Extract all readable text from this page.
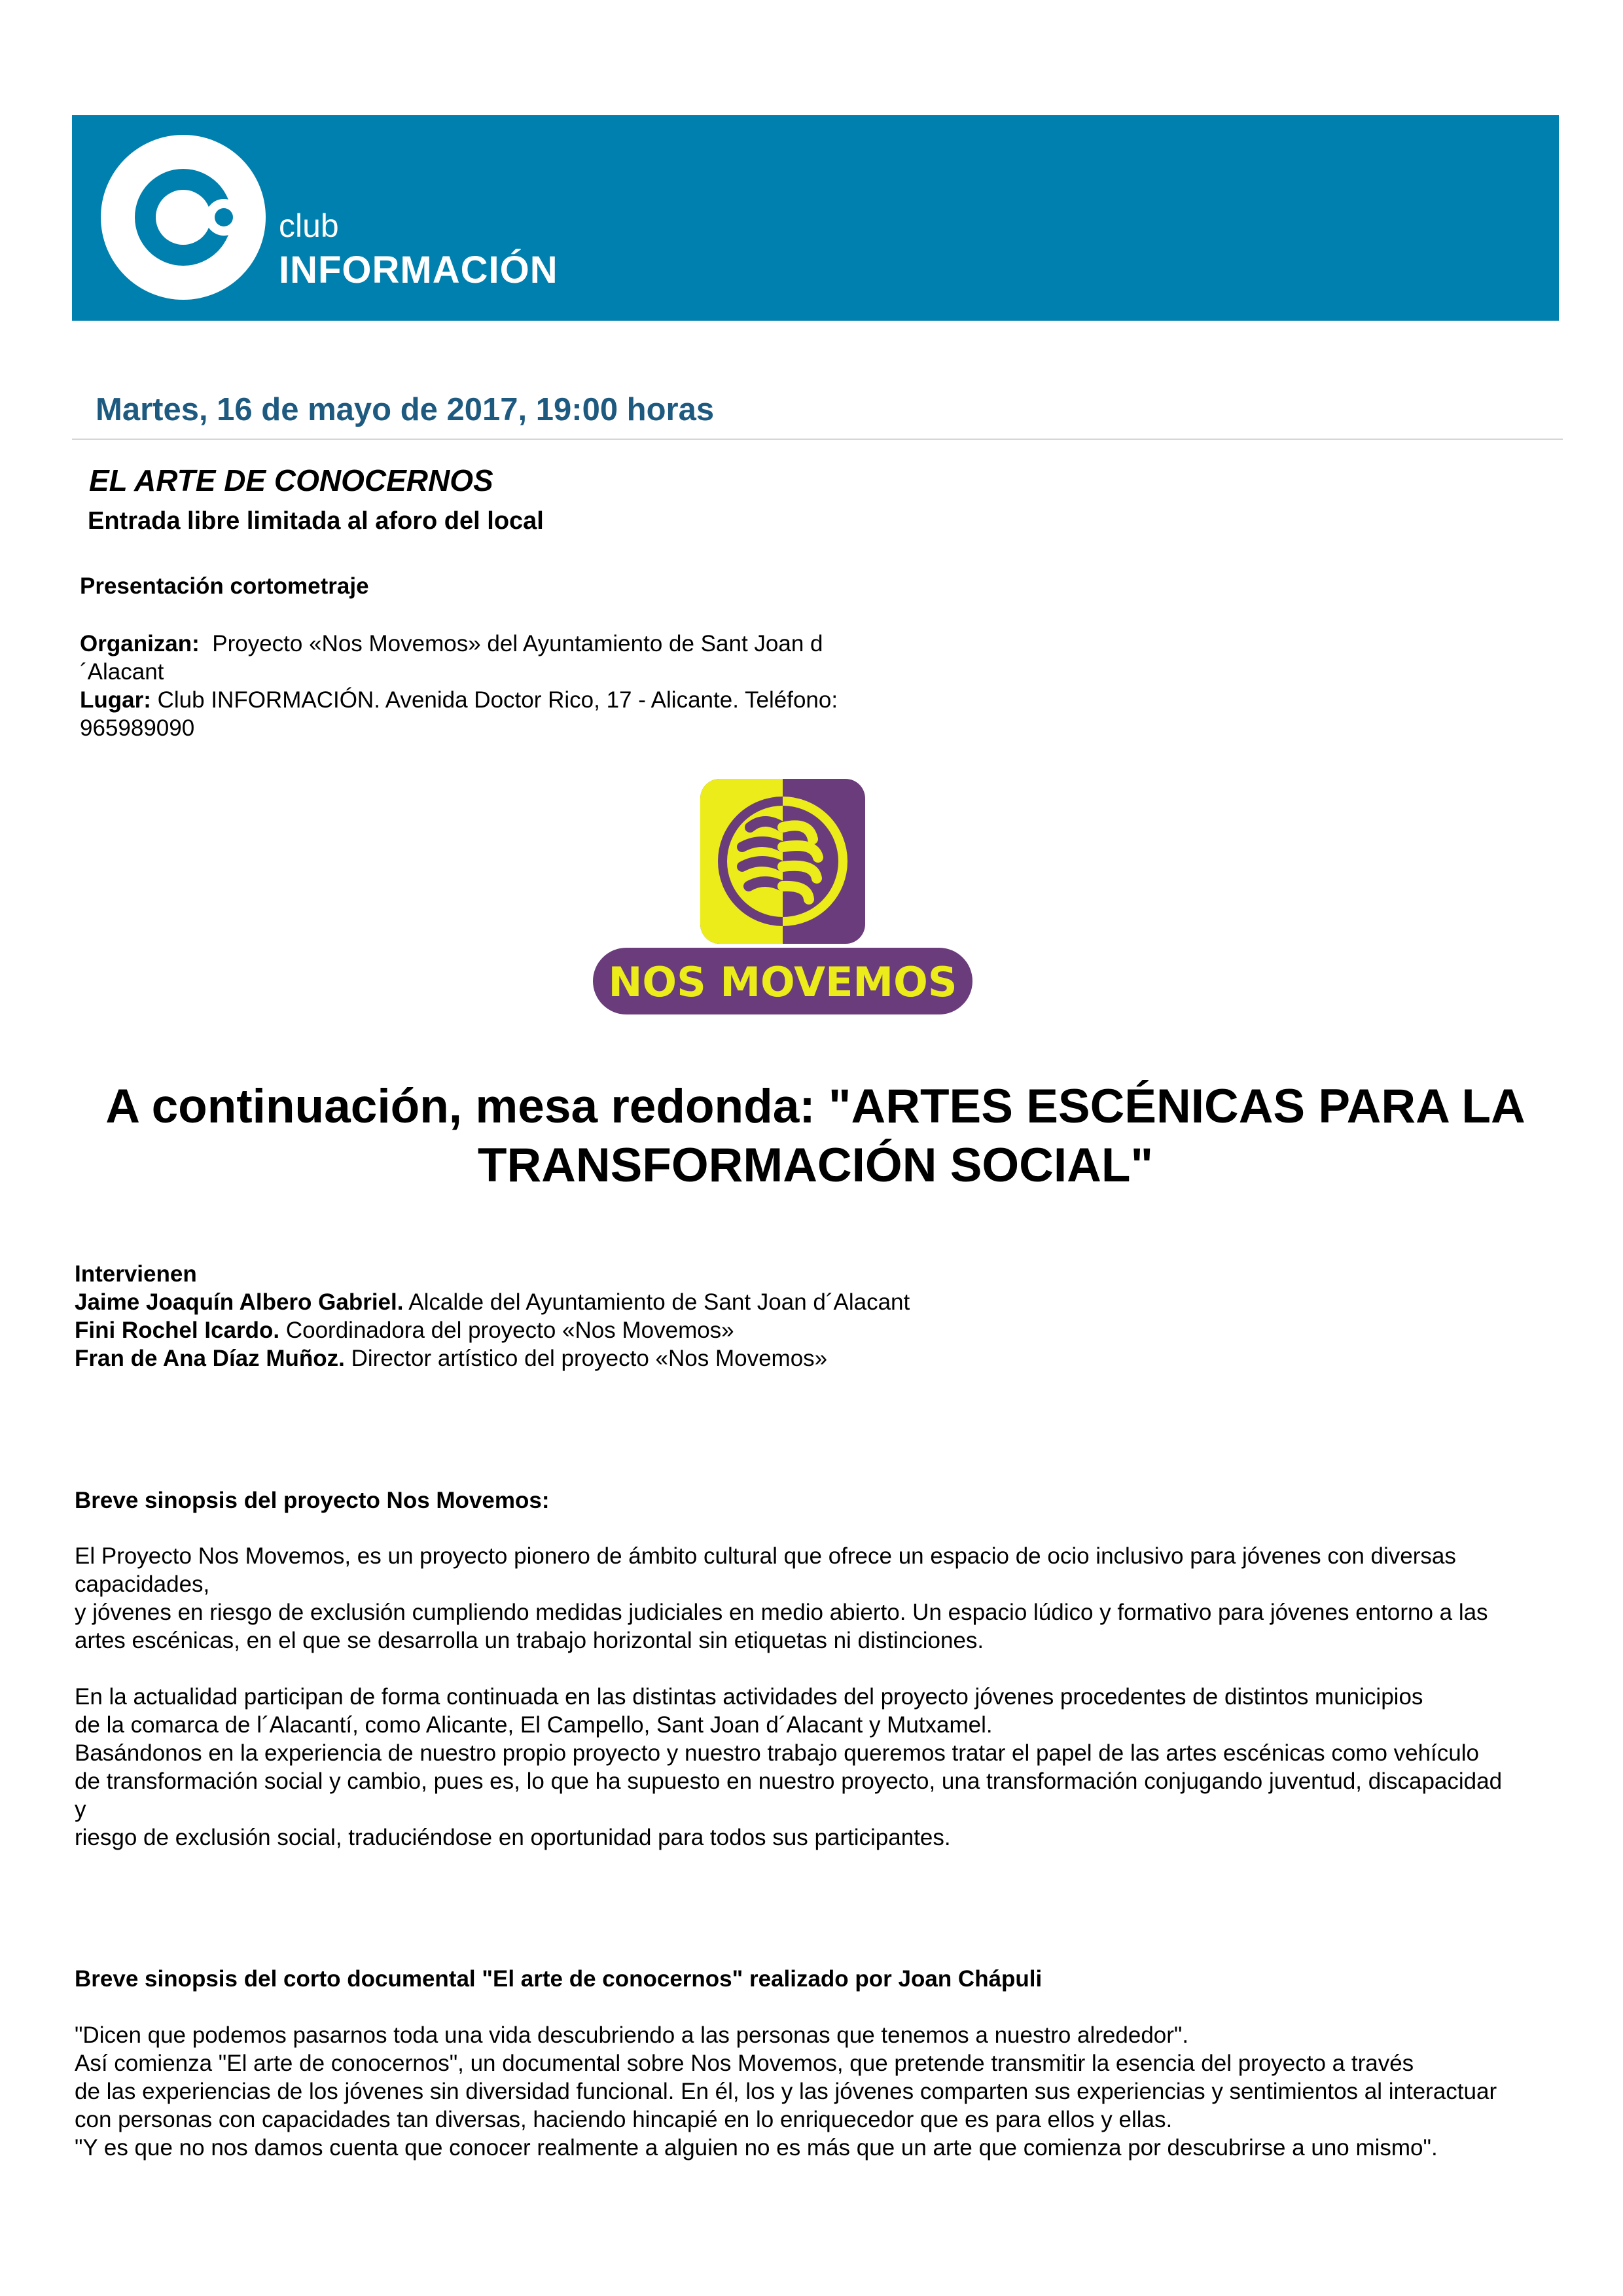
club
INFORMACIÓN
Martes, 16 de mayo de 2017, 19:00 horas
EL ARTE DE CONOCERNOS
Entrada libre limitada al aforo del local
Presentación cortometraje
Organizan: Proyecto «Nos Movemos» del Ayuntamiento de Sant Joan d
´Alacant
Lugar: Club INFORMACIÓN. Avenida Doctor Rico, 17 - Alicante. Teléfono:
965989090
NOS MOVEMOS
A continuación, mesa redonda: "ARTES ESCÉNICAS PARA LA
TRANSFORMACIÓN SOCIAL"
Intervienen
Jaime Joaquín Albero Gabriel. Alcalde del Ayuntamiento de Sant Joan d´Alacant
Fini Rochel Icardo. Coordinadora del proyecto «Nos Movemos»
Fran de Ana Díaz Muñoz. Director artístico del proyecto «Nos Movemos»
Breve sinopsis del proyecto Nos Movemos:
El Proyecto Nos Movemos, es un proyecto pionero de ámbito cultural que ofrece un espacio de ocio inclusivo para jóvenes con diversas
capacidades,
y jóvenes en riesgo de exclusión cumpliendo medidas judiciales en medio abierto. Un espacio lúdico y formativo para jóvenes entorno a las
artes escénicas, en el que se desarrolla un trabajo horizontal sin etiquetas ni distinciones.
En la actualidad participan de forma continuada en las distintas actividades del proyecto jóvenes procedentes de distintos municipios
de la comarca de l´Alacantí, como Alicante, El Campello, Sant Joan d´Alacant y Mutxamel.
Basándonos en la experiencia de nuestro propio proyecto y nuestro trabajo queremos tratar el papel de las artes escénicas como vehículo
de transformación social y cambio, pues es, lo que ha supuesto en nuestro proyecto, una transformación conjugando juventud, discapacidad
y
riesgo de exclusión social, traduciéndose en oportunidad para todos sus participantes.
Breve sinopsis del corto documental "El arte de conocernos" realizado por Joan Chápuli
"Dicen que podemos pasarnos toda una vida descubriendo a las personas que tenemos a nuestro alrededor".
Así comienza "El arte de conocernos", un documental sobre Nos Movemos, que pretende transmitir la esencia del proyecto a través
de las experiencias de los jóvenes sin diversidad funcional. En él, los y las jóvenes comparten sus experiencias y sentimientos al interactuar
con personas con capacidades tan diversas, haciendo hincapié en lo enriquecedor que es para ellos y ellas.
"Y es que no nos damos cuenta que conocer realmente a alguien no es más que un arte que comienza por descubrirse a uno mismo".
